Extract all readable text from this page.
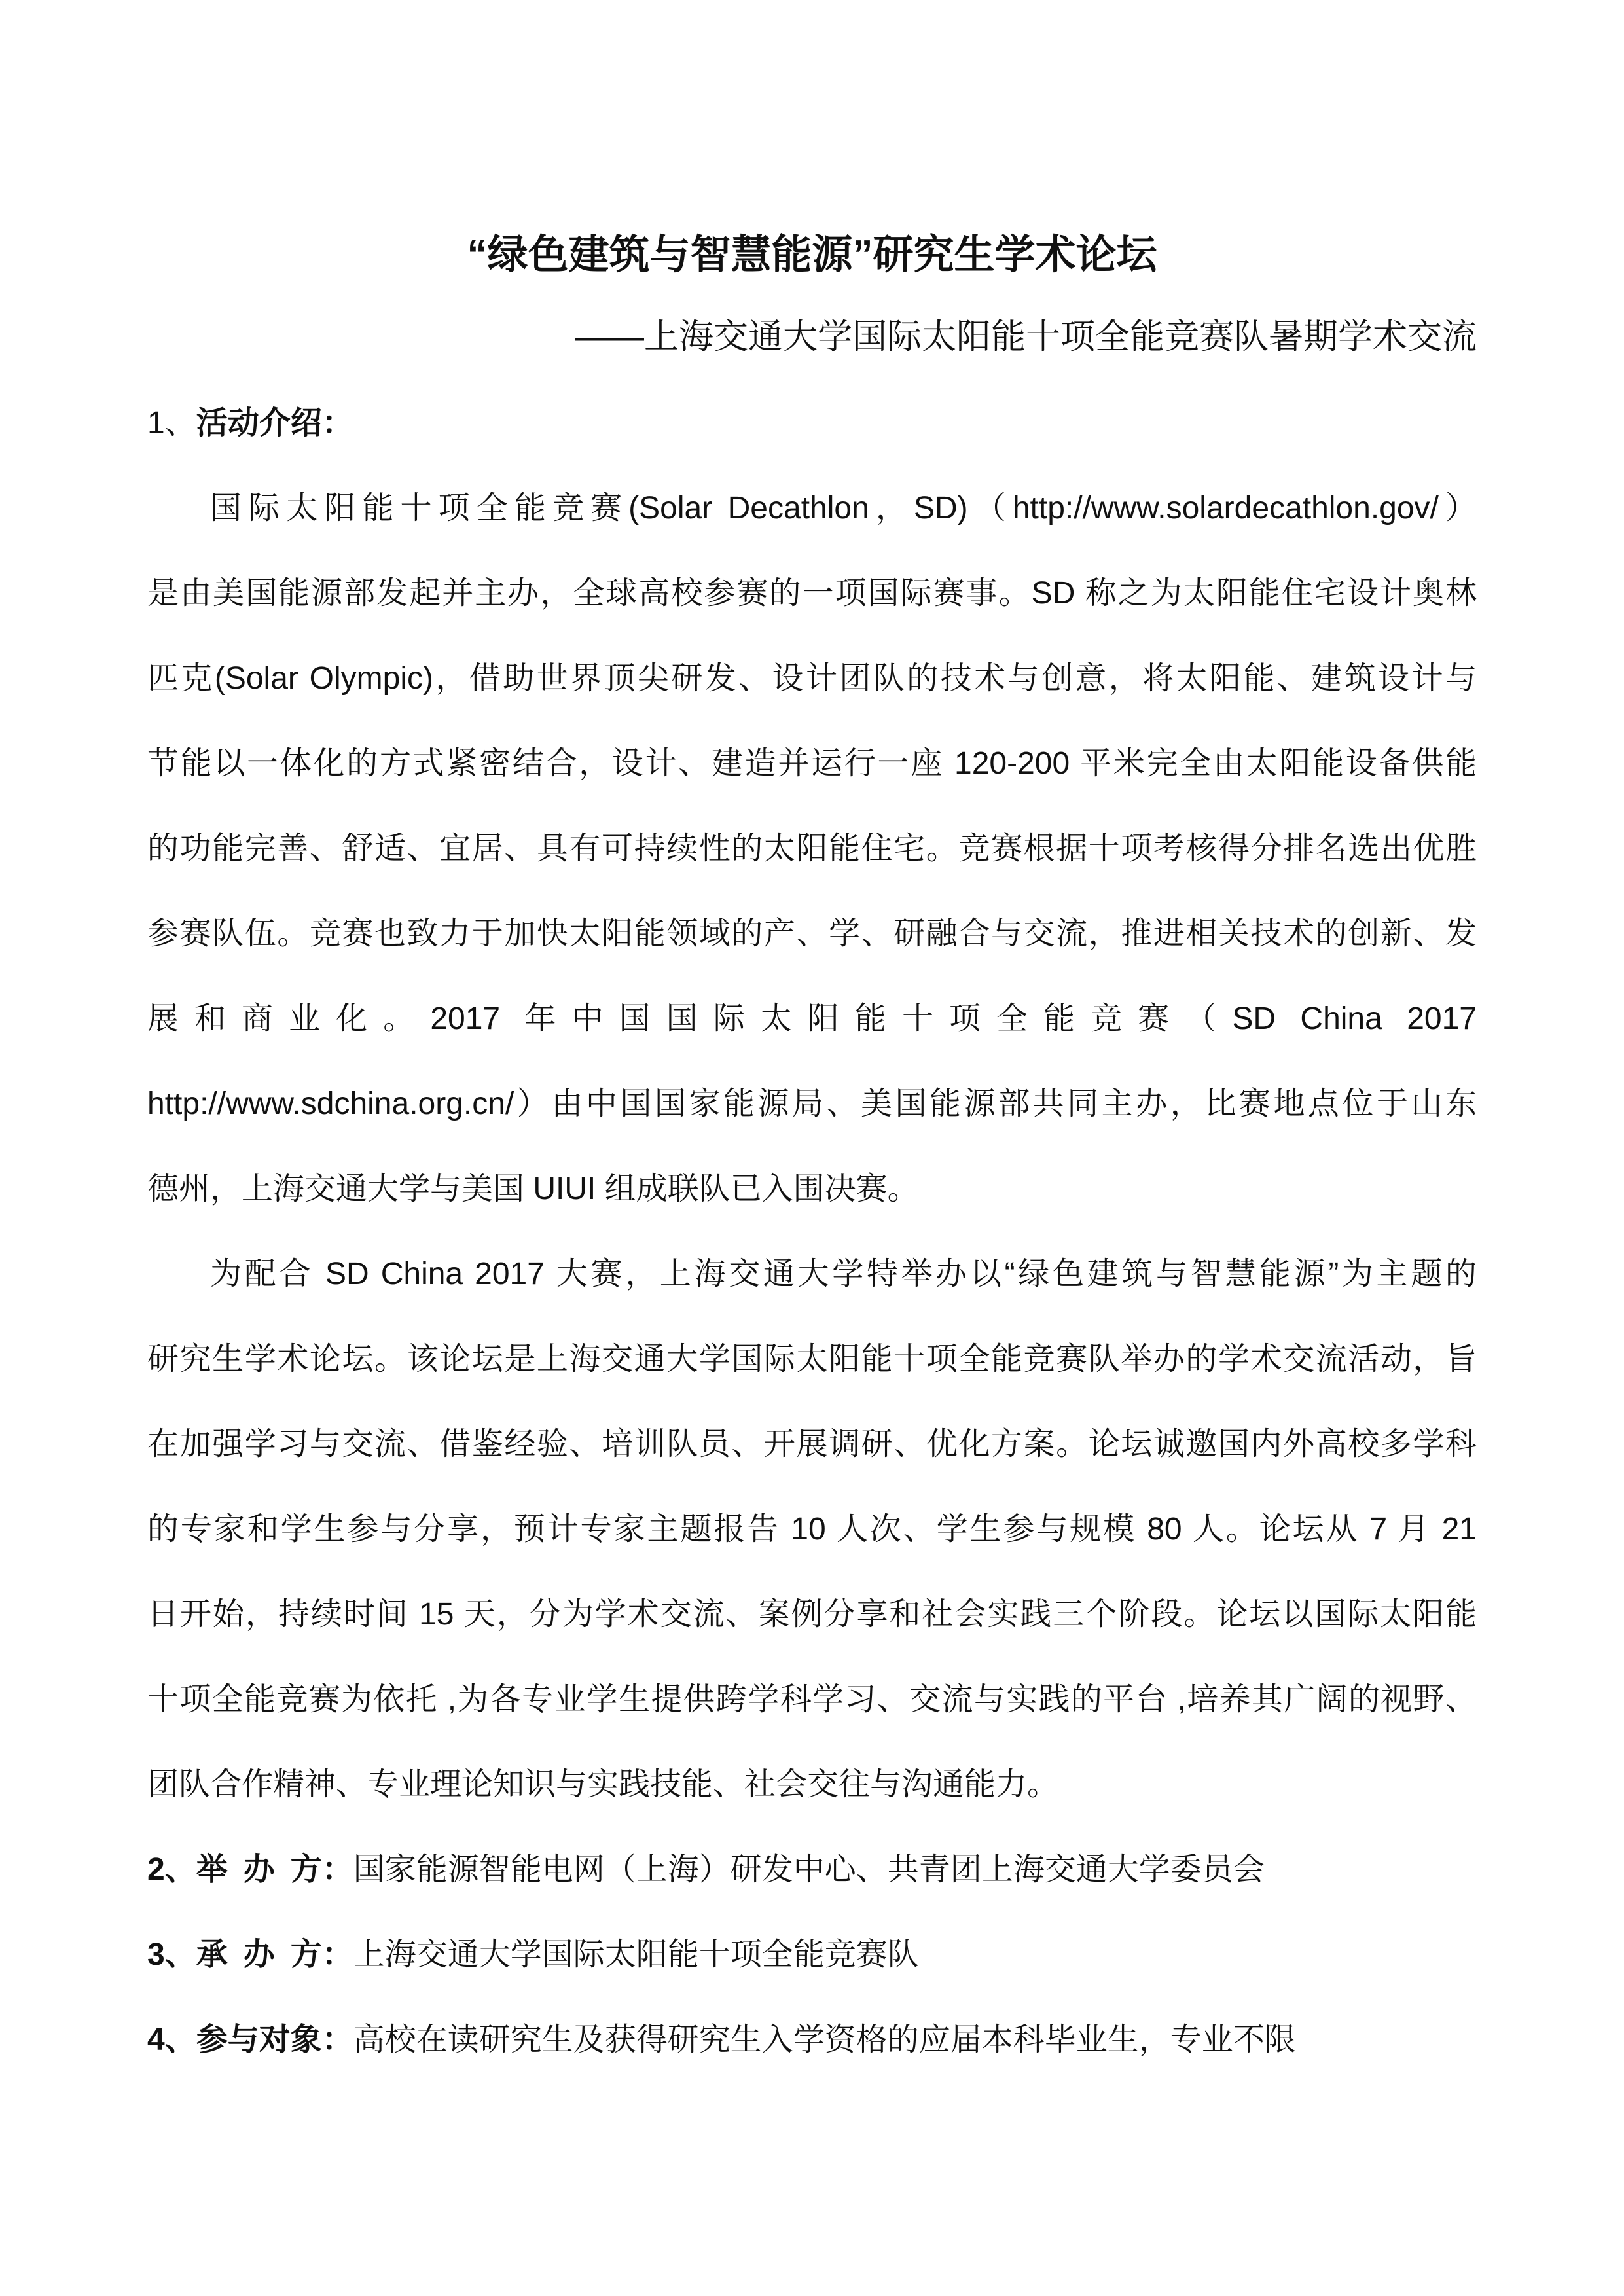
“绿色建筑与智慧能源”研究生学术论坛
——上海交通大学国际太阳能十项全能竞赛队暑期学术交流
1、活动介绍：
国际太阳能十项全能竞赛(Solar Decathlon，SD)（http://www.solardecathlon.gov/）
是由美国能源部发起并主办，全球高校参赛的一项国际赛事。SD 称之为太阳能住宅设计奥林
匹克(Solar Olympic)，借助世界顶尖研发、设计团队的技术与创意，将太阳能、建筑设计与
节能以一体化的方式紧密结合，设计、建造并运行一座 120-200 平米完全由太阳能设备供能
的功能完善、舒适、宜居、具有可持续性的太阳能住宅。竞赛根据十项考核得分排名选出优胜
参赛队伍。竞赛也致力于加快太阳能领域的产、学、研融合与交流，推进相关技术的创新、发
展和商业化。2017 年中国国际太阳能十项全能竞赛（SD China 2017
http://www.sdchina.org.cn/）由中国国家能源局、美国能源部共同主办，比赛地点位于山东
德州，上海交通大学与美国 UIUI 组成联队已入围决赛。
为配合 SD China 2017 大赛，上海交通大学特举办以“绿色建筑与智慧能源”为主题的
研究生学术论坛。该论坛是上海交通大学国际太阳能十项全能竞赛队举办的学术交流活动，旨
在加强学习与交流、借鉴经验、培训队员、开展调研、优化方案。论坛诚邀国内外高校多学科
的专家和学生参与分享，预计专家主题报告 10 人次、学生参与规模 80 人。论坛从 7 月 21
日开始，持续时间 15 天，分为学术交流、案例分享和社会实践三个阶段。论坛以国际太阳能
十项全能竞赛为依托 ,为各专业学生提供跨学科学习、交流与实践的平台 ,培养其广阔的视野、
团队合作精神、专业理论知识与实践技能、社会交往与沟通能力。
2、举 办 方：国家能源智能电网（上海）研发中心、共青团上海交通大学委员会
3、承 办 方：上海交通大学国际太阳能十项全能竞赛队
4、参与对象：高校在读研究生及获得研究生入学资格的应届本科毕业生，专业不限
